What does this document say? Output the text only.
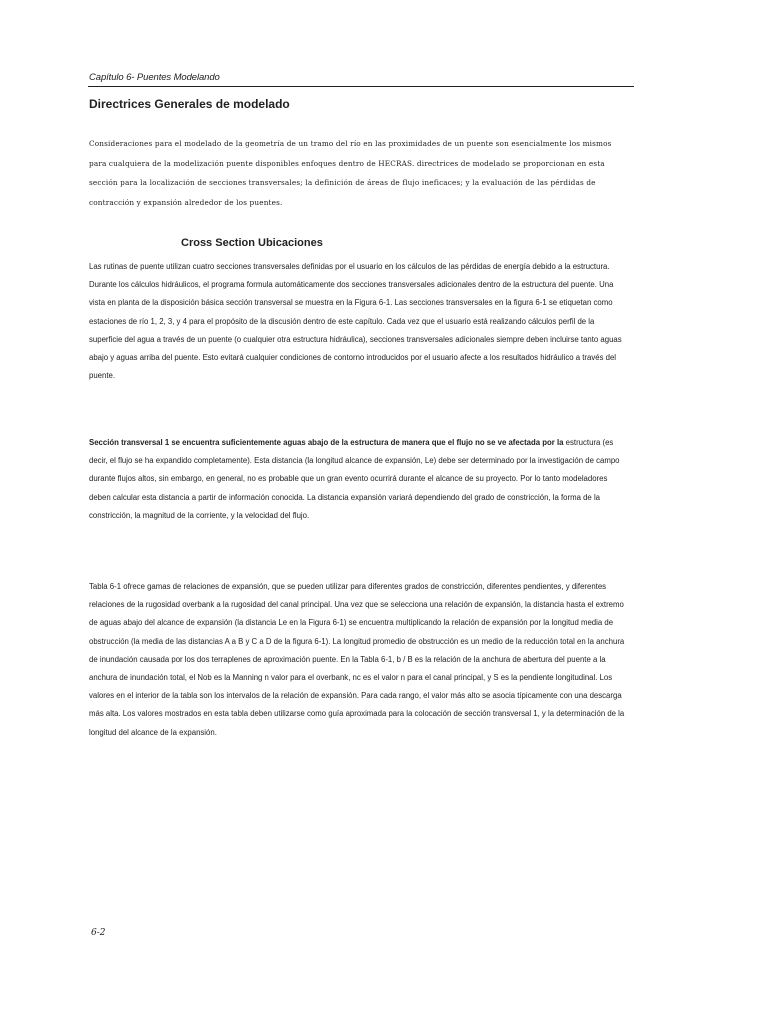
Capítulo 6- Puentes Modelando
Directrices Generales de modelado

Consideraciones para el modelado de la geometría de un tramo del río en las proximidades de un puente son esencialmente los mismos para cualquiera de la modelización puente disponibles enfoques dentro de HECRAS. directrices de modelado se proporcionan en esta sección para la localización de secciones transversales; la definición de áreas de flujo ineficaces; y la evaluación de las pérdidas de contracción y expansión alrededor de los puentes.

Cross Section Ubicaciones

Las rutinas de puente utilizan cuatro secciones transversales definidas por el usuario en los cálculos de las pérdidas de energía debido a la estructura. Durante los cálculos hidráulicos, el programa formula automáticamente dos secciones transversales adicionales dentro de la estructura del puente. Una vista en planta de la disposición básica sección transversal se muestra en la Figura 6-1. Las secciones transversales en la figura 6-1 se etiquetan como estaciones de río 1, 2, 3, y 4 para el propósito de la discusión dentro de este capítulo. Cada vez que el usuario está realizando cálculos perfil de la superficie del agua a través de un puente (o cualquier otra estructura hidráulica), secciones transversales adicionales siempre deben incluirse tanto aguas abajo y aguas arriba del puente. Esto evitará cualquier condiciones de contorno introducidos por el usuario afecte a los resultados hidráulico a través del puente.

Sección transversal 1 se encuentra suficientemente aguas abajo de la estructura de manera que el flujo no se ve afectada por la estructura (es decir, el flujo se ha expandido completamente). Esta distancia (la longitud alcance de expansión, Le) debe ser determinado por la investigación de campo durante flujos altos, sin embargo, en general, no es probable que un gran evento ocurrirá durante el alcance de su proyecto. Por lo tanto modeladores deben calcular esta distancia a partir de información conocida. La distancia expansión variará dependiendo del grado de constricción, la forma de la constricción, la magnitud de la corriente, y la velocidad del flujo.

Tabla 6-1 ofrece gamas de relaciones de expansión, que se pueden utilizar para diferentes grados de constricción, diferentes pendientes, y diferentes relaciones de la rugosidad overbank a la rugosidad del canal principal. Una vez que se selecciona una relación de expansión, la distancia hasta el extremo de aguas abajo del alcance de expansión (la distancia Le en la Figura 6-1) se encuentra multiplicando la relación de expansión por la longitud media de obstrucción (la media de las distancias A a B y C a D de la figura 6-1). La longitud promedio de obstrucción es un medio de la reducción total en la anchura de inundación causada por los dos terraplenes de aproximación puente. En la Tabla 6-1, b / B es la relación de la anchura de abertura del puente a la anchura de inundación total, el Nob es la Manning n valor para el overbank, nc es el valor n para el canal principal, y S es la pendiente longitudinal. Los valores en el interior de la tabla son los intervalos de la relación de expansión. Para cada rango, el valor más alto se asocia típicamente con una descarga más alta. Los valores mostrados en esta tabla deben utilizarse como guía aproximada para la colocación de sección transversal 1, y la determinación de la longitud del alcance de la expansión.

6-2
